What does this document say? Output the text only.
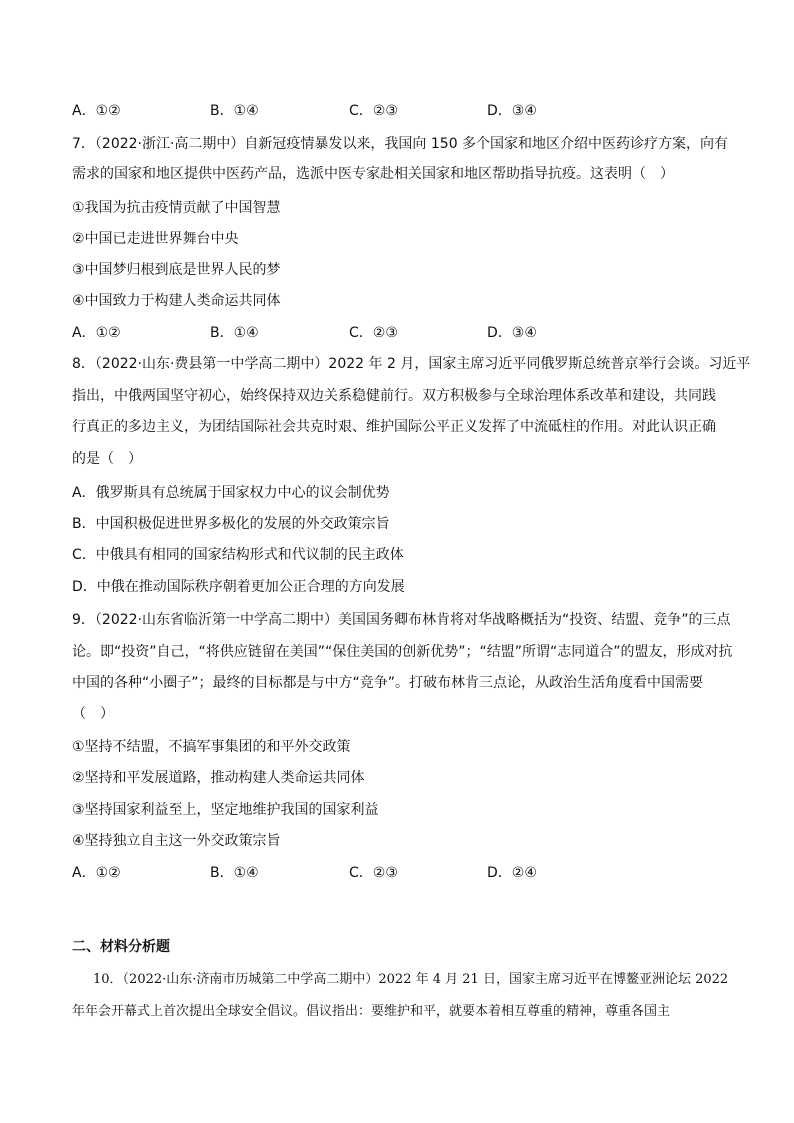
A．①②	B．①④	C．②③	D．③④
7．（2022·浙江·高二期中）自新冠疫情暴发以来，我国向 150 多个国家和地区介绍中医药诊疗方案，向有
需求的国家和地区提供中医药产品，选派中医专家赴相关国家和地区帮助指导抗疫。这表明（　）
①我国为抗击疫情贡献了中国智慧
②中国已走进世界舞台中央
③中国梦归根到底是世界人民的梦
④中国致力于构建人类命运共同体
A．①②	B．①④	C．②③	D．③④
8．（2022·山东·费县第一中学高二期中）2022 年 2 月，国家主席习近平同俄罗斯总统普京举行会谈。习近平
指出，中俄两国坚守初心，始终保持双边关系稳健前行。双方积极参与全球治理体系改革和建设，共同践
行真正的多边主义，为团结国际社会共克时艰、维护国际公平正义发挥了中流砥柱的作用。对此认识正确
的是（　）
A．俄罗斯具有总统属于国家权力中心的议会制优势
B．中国积极促进世界多极化的发展的外交政策宗旨
C．中俄具有相同的国家结构形式和代议制的民主政体
D．中俄在推动国际秩序朝着更加公正合理的方向发展
9．（2022·山东省临沂第一中学高二期中）美国国务卿布林肯将对华战略概括为“投资、结盟、竞争”的三点
论。即“投资”自己，“将供应链留在美国”“保住美国的创新优势”；“结盟”所谓“志同道合”的盟友，形成对抗
中国的各种“小圈子”；最终的目标都是与中方“竞争”。打破布林肯三点论，从政治生活角度看中国需要
（　）
①坚持不结盟，不搞军事集团的和平外交政策
②坚持和平发展道路，推动构建人类命运共同体
③坚持国家利益至上，坚定地维护我国的国家利益
④坚持独立自主这一外交政策宗旨
A．①②	B．①④	C．②③	D．②④
二、材料分析题
10．（2022·山东·济南市历城第二中学高二期中）2022 年 4 月 21 日，国家主席习近平在博鳌亚洲论坛 2022
年年会开幕式上首次提出全球安全倡议。倡议指出：要维护和平，就要本着相互尊重的精神，尊重各国主
